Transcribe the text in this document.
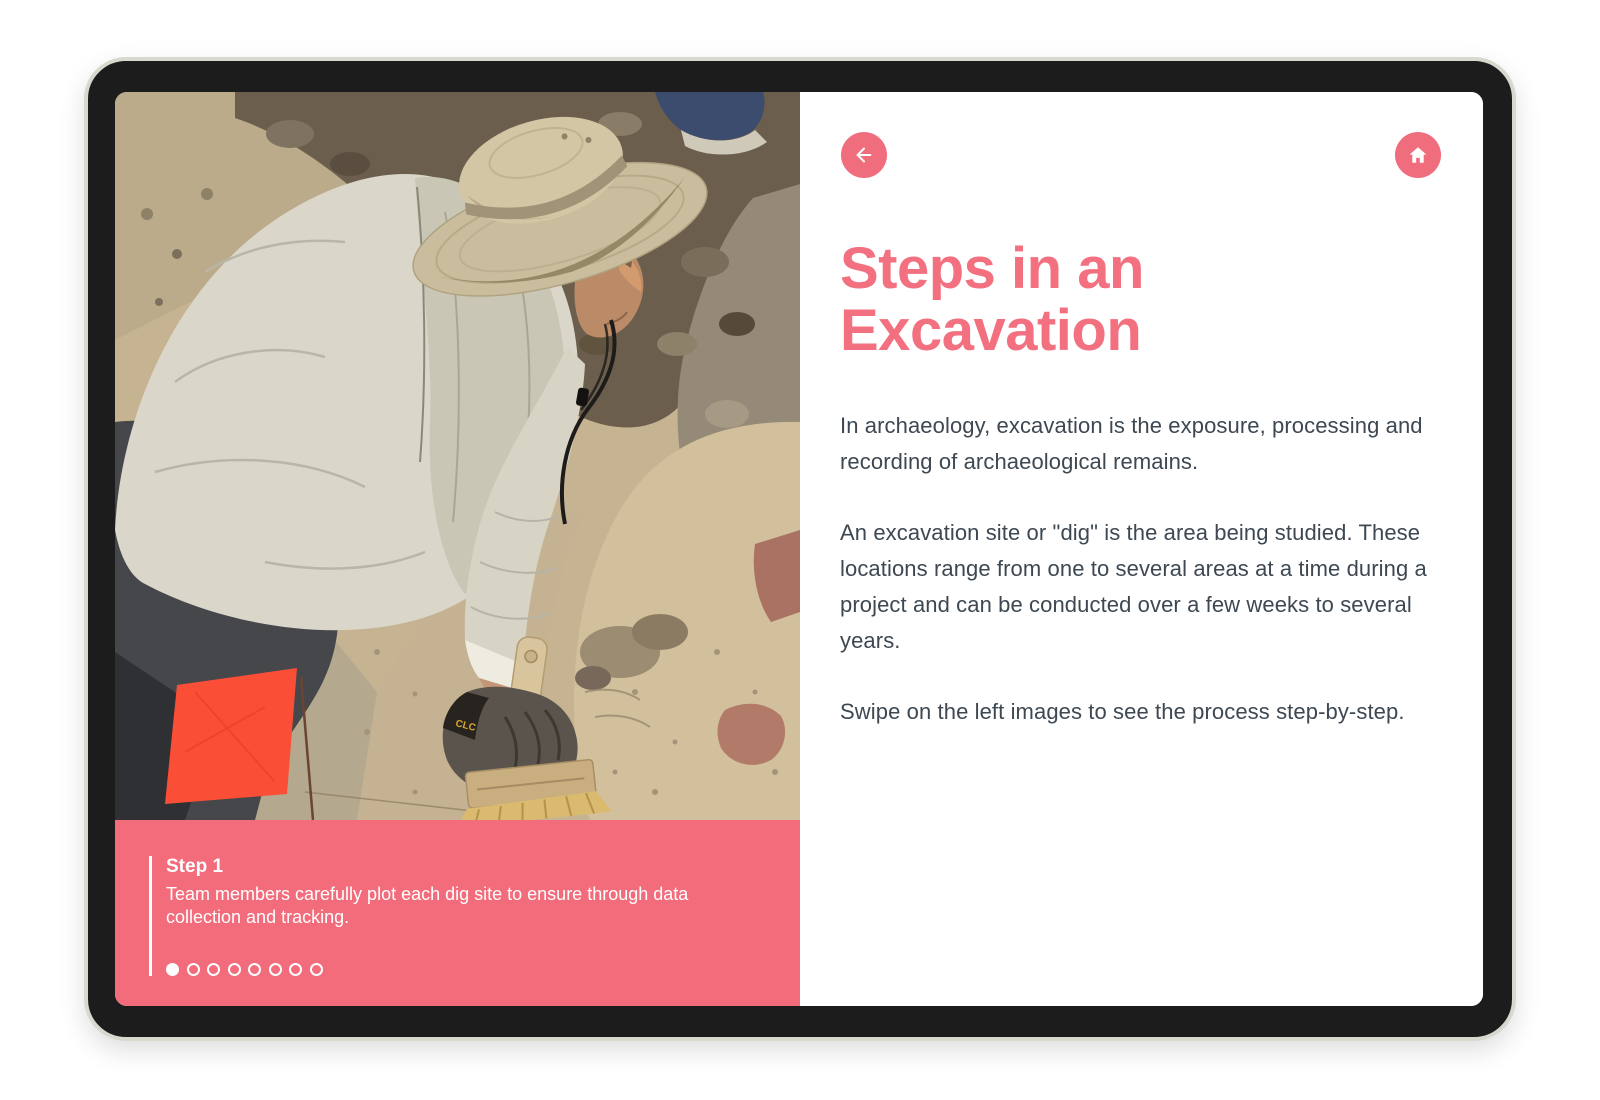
CLC
Step 1
Team members carefully plot each dig site to ensure through data collection and tracking.
Steps in an Excavation

In archaeology, excavation is the exposure, processing and recording of archaeological remains.

An excavation site or "dig" is the area being studied. These locations range from one to several areas at a time during a project and can be conducted over a few weeks to several years.

Swipe on the left images to see the process step-by-step.
